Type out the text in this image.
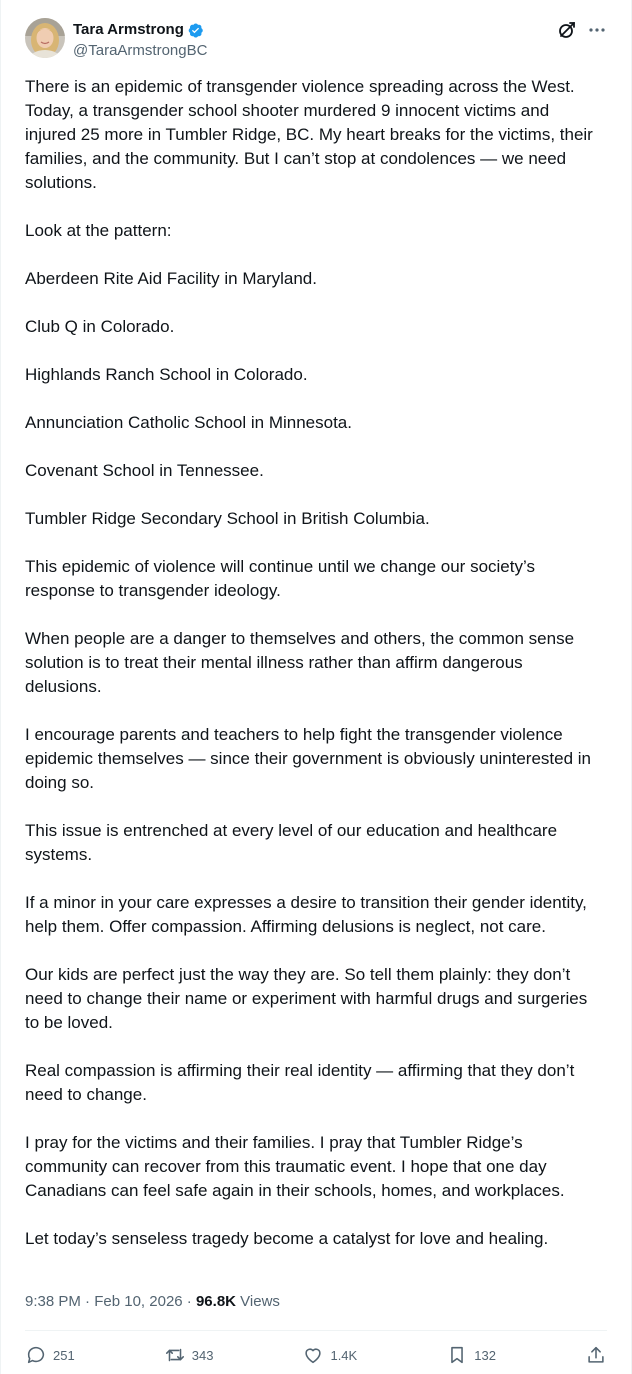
Tara Armstrong
@TaraArmstrongBC

There is an epidemic of transgender violence spreading across the West. Today, a transgender school shooter murdered 9 innocent victims and injured 25 more in Tumbler Ridge, BC. My heart breaks for the victims, their families, and the community. But I can’t stop at condolences — we need solutions.

Look at the pattern:

Aberdeen Rite Aid Facility in Maryland.

Club Q in Colorado.

Highlands Ranch School in Colorado.

Annunciation Catholic School in Minnesota.

Covenant School in Tennessee.

Tumbler Ridge Secondary School in British Columbia.

This epidemic of violence will continue until we change our society’s response to transgender ideology.

When people are a danger to themselves and others, the common sense solution is to treat their mental illness rather than affirm dangerous delusions.

I encourage parents and teachers to help fight the transgender violence epidemic themselves — since their government is obviously uninterested in doing so.

This issue is entrenched at every level of our education and healthcare systems.

If a minor in your care expresses a desire to transition their gender identity, help them. Offer compassion. Affirming delusions is neglect, not care.

Our kids are perfect just the way they are. So tell them plainly: they don’t need to change their name or experiment with harmful drugs and surgeries to be loved.

Real compassion is affirming their real identity — affirming that they don’t need to change.

I pray for the victims and their families. I pray that Tumbler Ridge’s community can recover from this traumatic event. I hope that one day Canadians can feel safe again in their schools, homes, and workplaces.

Let today’s senseless tragedy become a catalyst for love and healing.

9:38 PM · Feb 10, 2026 · 96.8K Views
251	343	1.4K	132
